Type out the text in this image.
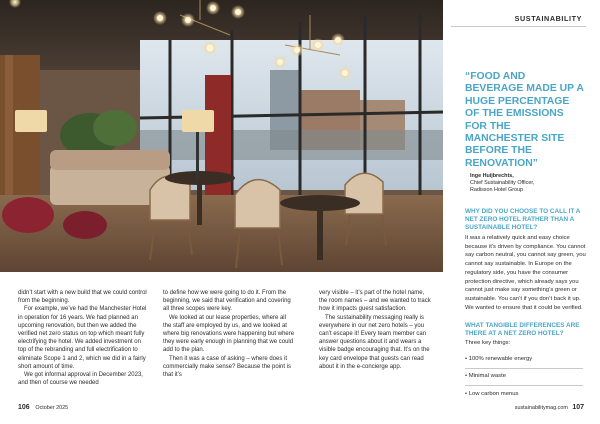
SUSTAINABILITY

“FOOD AND BEVERAGE MADE UP A HUGE PERCENTAGE OF THE EMISSIONS FOR THE MANCHESTER SITE BEFORE THE RENOVATION”

Inge Huijbrechts,
Chief Sustainability Officer,
Radisson Hotel Group
WHY DID YOU CHOOSE TO CALL IT A NET ZERO HOTEL RATHER THAN A SUSTAINABLE HOTEL?
It was a relatively quick and easy choice because it’s driven by compliance. You cannot say carbon neutral, you cannot say green, you cannot say sustainable. In Europe on the regulatory side, you have the consumer protection directive, which already says you cannot just make say something’s green or sustainable. You can’t if you don’t back it up. We wanted to ensure that it could be verified.
WHAT TANGIBLE DIFFERENCES ARE THERE AT A NET ZERO HOTEL?
Three key things:
• 100% renewable energy
• Minimal waste
• Low carbon menus

didn’t start with a new build that we could control from the beginning.

For example, we’ve had the Manchester Hotel in operation for 16 years. We had planned an upcoming renovation, but then we added the verified net zero status on top which meant fully electrifying the hotel. We added investment on top of the rebranding and full electrification to eliminate Scope 1 and 2, which we did in a fairly short amount of time.

We got informal approval in December 2023, and then of course we needed

to define how we were going to do it. From the beginning, we said that verification and covering all three scopes were key.

We looked at our lease properties, where all the staff are employed by us, and we looked at where big renovations were happening but where they were early enough in planning that we could add to the plan.

Then it was a case of asking – where does it commercially make sense? Because the point is that it’s

very visible – it’s part of the hotel name, the room names – and we wanted to track how it impacts guest satisfaction.

The sustainability messaging really is everywhere in our net zero hotels – you can’t escape it! Every team member can answer questions about it and wears a visible badge encouraging that. It’s on the key card envelope that guests can read about it in the e-concierge app.

106 October 2025	sustainabilitymag.com 107
